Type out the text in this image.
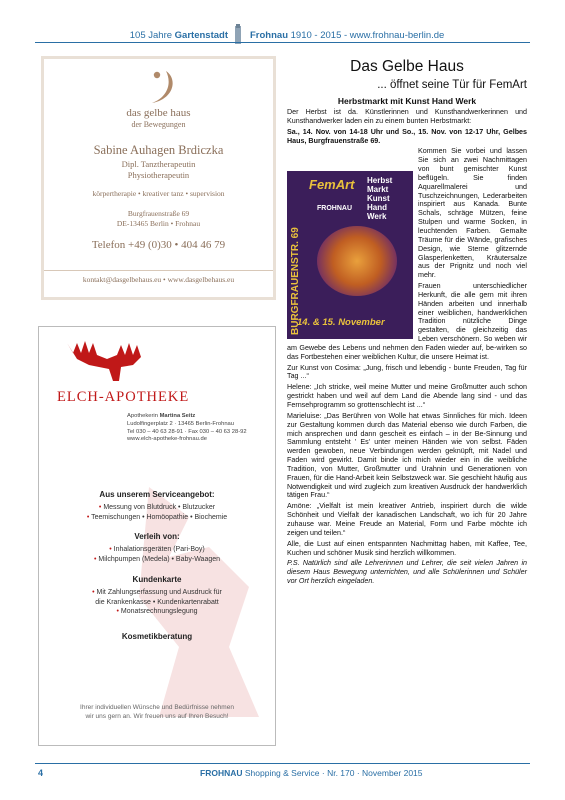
105 Jahre Gartenstadt Frohnau 1910 - 2015 - www.frohnau-berlin.de
das gelbe haus
der Bewegungen
Sabine Auhagen Brdiczka
Dipl. Tanztherapeutin
Physiotherapeutin
körpertherapie • kreativer tanz • supervision
Burgfrauenstraße 69
DE-13465 Berlin • Frohnau
Telefon +49 (0)30 • 404 46 79
kontakt@dasgelbehaus.eu • www.dasgelbehaus.eu
ELCH-APOTHEKE
Apothekerin Martina Seitz
Ludolfingerplatz 2 · 13465 Berlin-Frohnau
Tel 030 – 40 63 28-91 · Fax 030 – 40 63 28-92
www.elch-apotheke-frohnau.de
Aus unserem Serviceangebot:
• Messung von Blutdruck • Blutzucker
• Teemischungen • Homöopathie • Biochemie
Verleih von:
• Inhalationsgeräten (Pari-Boy)
• Milchpumpen (Medela) • Baby-Waagen
Kundenkarte
• Mit Zahlungserfassung und Ausdruck für
die Krankenkasse • Kundenkartenrabatt
• Monatsrechnungslegung
Kosmetikberatung
Ihrer individuellen Wünsche und Bedürfnisse nehmen
wir uns gern an. Wir freuen uns auf Ihren Besuch!
Das Gelbe Haus
... öffnet seine Tür für FemArt
Herbstmarkt mit Kunst Hand Werk
Der Herbst ist da. Künstlerinnen und Kunsthandwerkerinnen und Kunsthandwerker laden ein zu einem bunten Herbstmarkt:
Sa., 14. Nov. von 14-18 Uhr und So., 15. Nov. von 12-17 Uhr, Gelbes Haus, Burgfrauenstraße 69.
BURGFRAUENSTR. 69
FemArt Herbst Markt
Kunst
Hand
Werk
FROHNAU
14. & 15. November
Kommen Sie vorbei und lassen Sie sich an zwei Nachmittagen von bunt gemischter Kunst beflügeln. Sie finden Aquarellmalerei und Tuschzeichnungen, Lederarbeiten inspiriert aus Kanada. Bunte Schals, schräge Mützen, feine Stulpen und warme Socken, in leuchtenden Farben. Gemalte Träume für die Wände, grafisches Design, wie Sterne glitzernde Glasperlenketten, Kräutersalze aus der Prignitz und noch viel mehr.
Frauen unterschiedlicher Herkunft, die alle gern mit ihren Händen arbeiten und innerhalb einer weiblichen, handwerklichen Tradition nützliche Dinge gestalten, die gleichzeitig das Leben verschönern. So weben wir am Gewebe des Lebens und nehmen den Faden wieder auf, be-wirken so das Fortbestehen einer weiblichen Kultur, die unsere Heimat ist.
Zur Kunst von Cosima: „Jung, frisch und lebendig - bunte Freuden, Tag für Tag ...“
Helene: „Ich stricke, weil meine Mutter und meine Großmutter auch schon gestrickt haben und weil auf dem Land die Abende lang sind - und das Fernsehprogramm so grottenschlecht ist ...“
Marieluise: „Das Berühren von Wolle hat etwas Sinnliches für mich. Ideen zur Gestaltung kommen durch das Material ebenso wie durch Farben, die mich ansprechen und dann gescheit es einfach – in der Be-Sinnung und Sammlung entsteht ' Es' unter meinen Händen wie von selbst. Fäden werden gewoben, neue Verbindungen werden geknüpft, mit Nadel und Faden wird gewirkt. Damit binde ich mich wieder ein in die weibliche Tradition, von Mutter, Großmutter und Urahnin und Generationen von Frauen, für die Hand-Arbeit kein Selbstzweck war. Sie geschieht häufig aus Notwendigkeit und wird zugleich zum kreativen Ausdruck der handwerklich tätigen Frau.“
Amöne: „Vielfalt ist mein kreativer Antrieb, inspiriert durch die wilde Schönheit und Vielfalt der kanadischen Landschaft, wo ich für 20 Jahre zuhause war. Meine Freude an Material, Form und Farbe möchte ich zeigen und teilen.“
Alle, die Lust auf einen entspannten Nachmittag haben, mit Kaffee, Tee, Kuchen und schöner Musik sind herzlich willkommen.
P.S. Natürlich sind alle Lehrerinnen und Lehrer, die seit vielen Jahren in diesem Haus Bewegung unterrichten, und alle Schülerinnen und Schüler vor Ort herzlich eingeladen.
4	FROHNAU Shopping & Service · Nr. 170 · November 2015
